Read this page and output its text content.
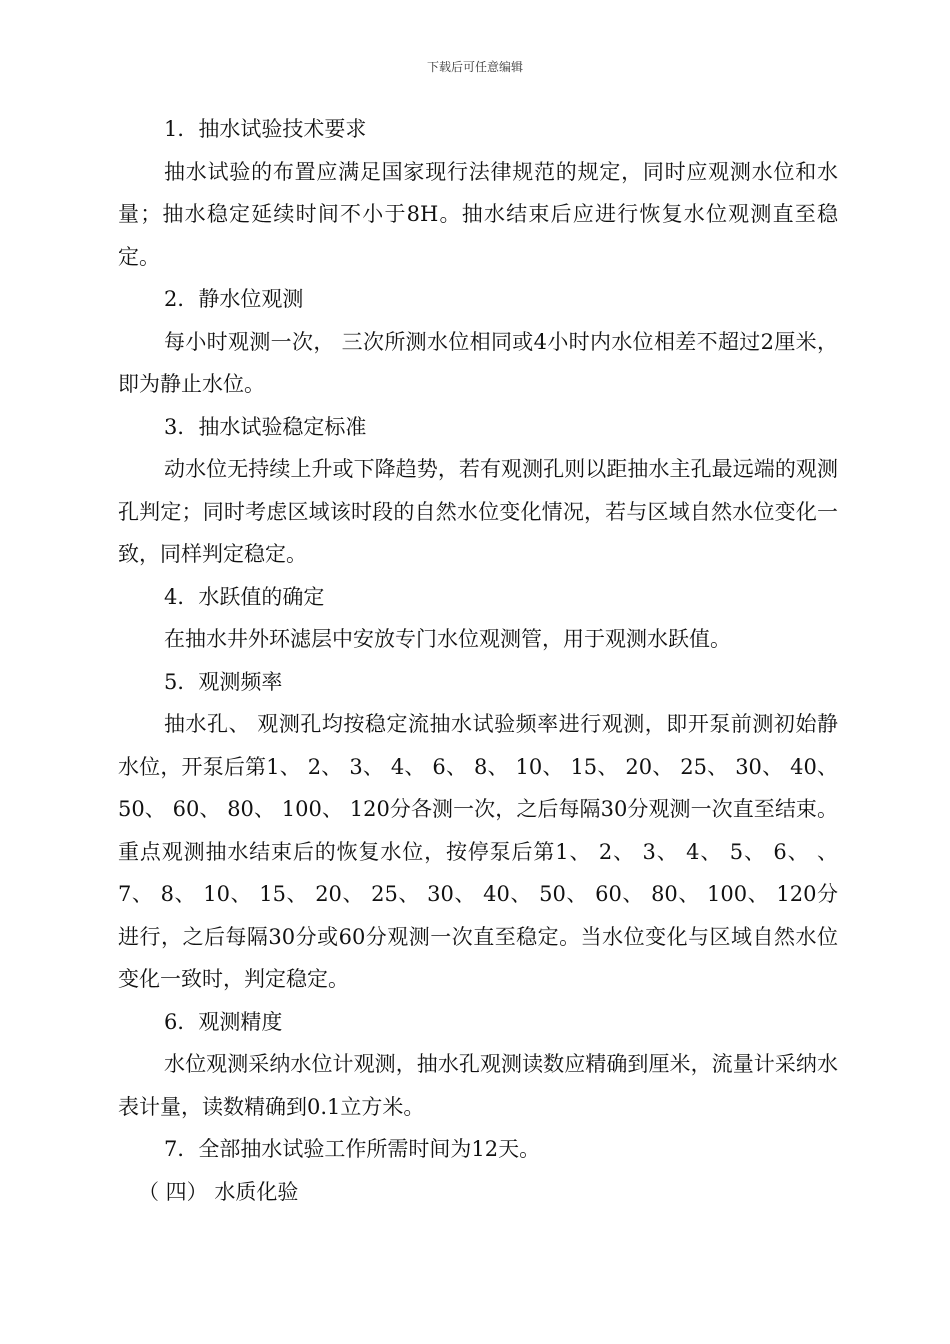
下载后可任意编辑

1．抽水试验技术要求

抽水试验的布置应满足国家现行法律规范的规定，同时应观测水位和水量；抽水稳定延续时间不小于8H。抽水结束后应进行恢复水位观测直至稳定。

2．静水位观测

每小时观测一次， 三次所测水位相同或4小时内水位相差不超过2厘米，即为静止水位。

3．抽水试验稳定标准

动水位无持续上升或下降趋势，若有观测孔则以距抽水主孔最远端的观测孔判定；同时考虑区域该时段的自然水位变化情况，若与区域自然水位变化一致，同样判定稳定。

4．水跃值的确定

在抽水井外环滤层中安放专门水位观测管，用于观测水跃值。

5．观测频率

抽水孔、 观测孔均按稳定流抽水试验频率进行观测，即开泵前测初始静水位，开泵后第1、 2、 3、 4、 6、 8、 10、 15、 20、 25、 30、 40、 50、 60、 80、 100、 120分各测一次，之后每隔30分观测一次直至结束。重点观测抽水结束后的恢复水位，按停泵后第1、 2、 3、 4、 5、 6、 、 7、 8、 10、 15、 20、 25、 30、 40、 50、 60、 80、 100、 120分进行，之后每隔30分或60分观测一次直至稳定。当水位变化与区域自然水位变化一致时，判定稳定。

6．观测精度

水位观测采纳水位计观测，抽水孔观测读数应精确到厘米，流量计采纳水表计量，读数精确到0.1立方米。

7．全部抽水试验工作所需时间为12天。

（ 四） 水质化验
